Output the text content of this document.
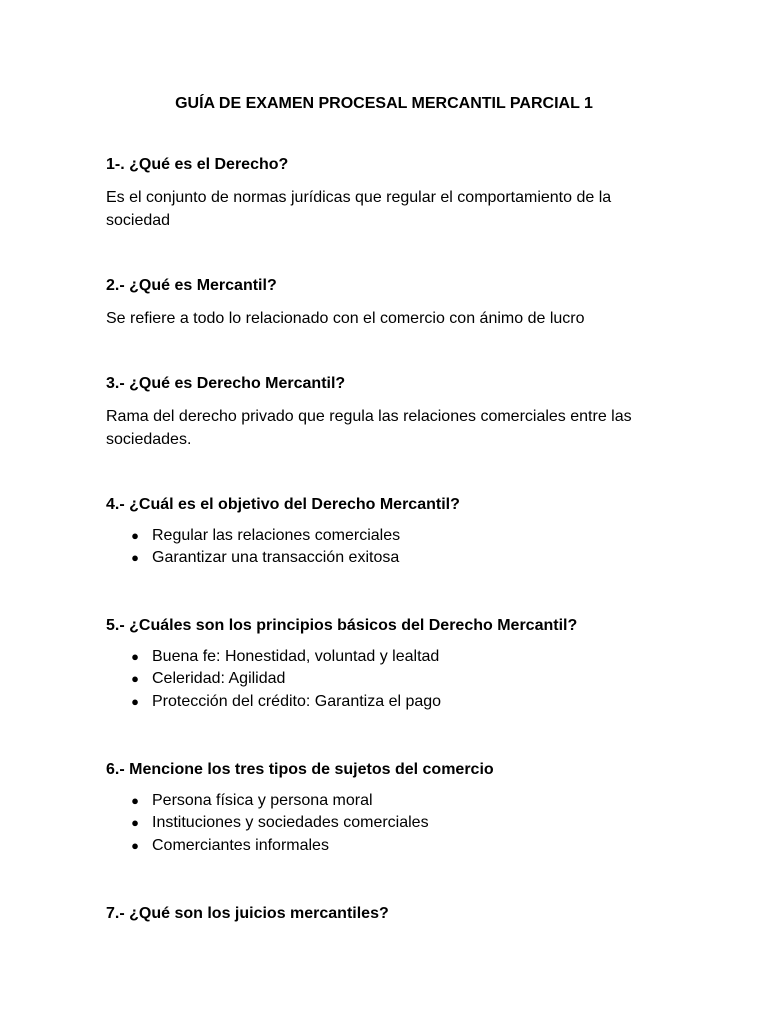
GUÍA DE EXAMEN PROCESAL MERCANTIL PARCIAL 1

1-. ¿Qué es el Derecho?

Es el conjunto de normas jurídicas que regular el comportamiento de la sociedad

2.- ¿Qué es Mercantil?

Se refiere a todo lo relacionado con el comercio con ánimo de lucro

3.- ¿Qué es Derecho Mercantil?

Rama del derecho privado que regula las relaciones comerciales entre las sociedades.

4.- ¿Cuál es el objetivo del Derecho Mercantil?

● Regular las relaciones comerciales
● Garantizar una transacción exitosa

5.- ¿Cuáles son los principios básicos del Derecho Mercantil?

● Buena fe: Honestidad, voluntad y lealtad
● Celeridad: Agilidad
● Protección del crédito: Garantiza el pago

6.- Mencione los tres tipos de sujetos del comercio

● Persona física y persona moral
● Instituciones y sociedades comerciales
● Comerciantes informales

7.- ¿Qué son los juicios mercantiles?
